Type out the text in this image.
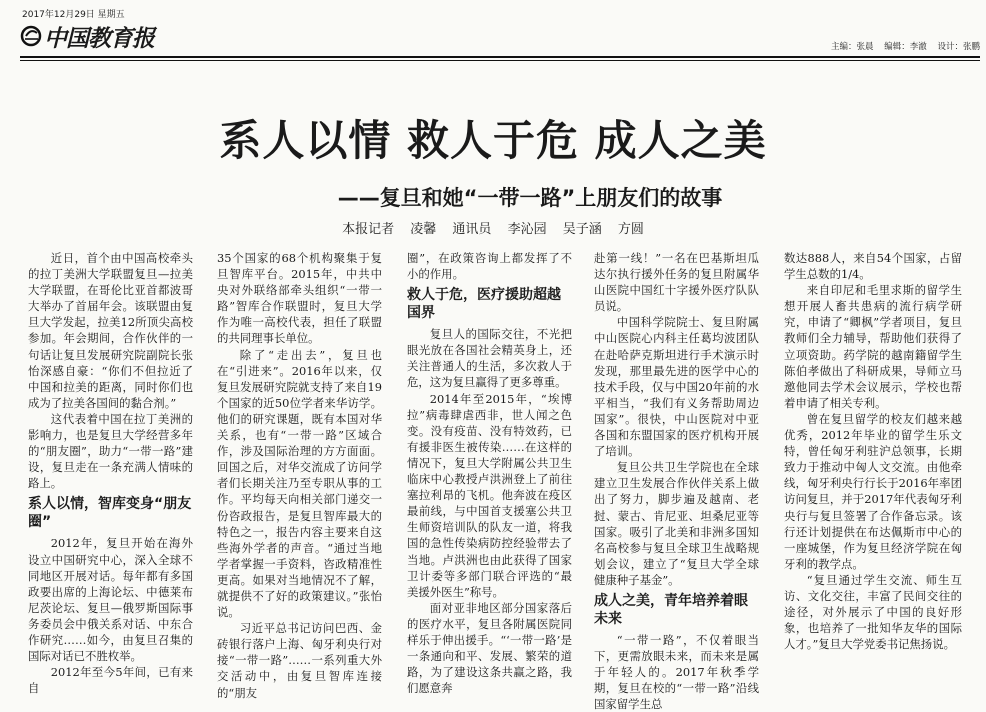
2017年12月29日 星期五
中国教育报	主编：张晨 编辑：李澈 设计：张鹏
系人以情 救人于危 成人之美
——复旦和她“一带一路”上朋友们的故事
本报记者 凌馨 通讯员 李沁园 吴子涵 方圆

近日，首个由中国高校牵头的拉丁美洲大学联盟复旦—拉美大学联盟，在哥伦比亚首都波哥大举办了首届年会。该联盟由复旦大学发起，拉美12所顶尖高校参加。年会期间，合作伙伴的一句话让复旦发展研究院副院长张怡深感自豪：“你们不但拉近了中国和拉美的距离，同时你们也成为了拉美各国间的黏合剂。”

这代表着中国在拉丁美洲的影响力，也是复旦大学经营多年的“朋友圈”，助力“一带一路”建设，复旦走在一条充满人情味的路上。

系人以情，智库变身“朋友圈”

2012年，复旦开始在海外设立中国研究中心，深入全球不同地区开展对话。每年都有多国政要出席的上海论坛、中德莱布尼茨论坛、复旦—俄罗斯国际事务委员会中俄关系对话、中东合作研究……如今，由复旦召集的国际对话已不胜枚举。

2012年至今5年间，已有来自

35个国家的68个机构聚集于复旦智库平台。2015年，中共中央对外联络部牵头组织“一带一路”智库合作联盟时，复旦大学作为唯一高校代表，担任了联盟的共同理事长单位。

除了“走出去”，复旦也在“引进来”。2016年以来，仅复旦发展研究院就支持了来自19个国家的近50位学者来华访学。他们的研究课题，既有本国对华关系，也有“一带一路”区域合作，涉及国际治理的方方面面。回国之后，对华交流成了访问学者们长期关注乃至专职从事的工作。平均每天向相关部门递交一份咨政报告，是复旦智库最大的特色之一，报告内容主要来自这些海外学者的声音。“通过当地学者掌握一手资料，咨政精准性更高。如果对当地情况不了解，就提供不了好的政策建议。”张怡说。

习近平总书记访问巴西、金砖银行落户上海、匈牙利央行对接“一带一路”……一系列重大外交活动中，由复旦智库连接的“朋友

圈”，在政策咨询上都发挥了不小的作用。

救人于危，医疗援助超越国界

复旦人的国际交往，不光把眼光放在各国社会精英身上，还关注普通人的生活，多次救人于危，这为复旦赢得了更多尊重。

2014年至2015年，“埃博拉”病毒肆虐西非，世人闻之色变。没有疫苗、没有特效药，已有援非医生被传染……在这样的情况下，复旦大学附属公共卫生临床中心教授卢洪洲登上了前往塞拉利昂的飞机。他奔波在疫区最前线，与中国首支援塞公共卫生师资培训队的队友一道，将我国的急性传染病防控经验带去了当地。卢洪洲也由此获得了国家卫计委等多部门联合评选的“最美援外医生”称号。

面对亚非地区部分国家落后的医疗水平，复旦各附属医院同样乐于伸出援手。“‘一带一路’是一条通向和平、发展、繁荣的道路，为了建设这条共赢之路，我们愿意奔

赴第一线！”一名在巴基斯坦瓜达尔执行援外任务的复旦附属华山医院中国红十字援外医疗队队员说。

中国科学院院士、复旦附属中山医院心内科主任葛均波团队在赴哈萨克斯坦进行手术演示时发现，那里最先进的医学中心的技术手段，仅与中国20年前的水平相当，“我们有义务帮助周边国家”。很快，中山医院对中亚各国和东盟国家的医疗机构开展了培训。

复旦公共卫生学院也在全球建立卫生发展合作伙伴关系上做出了努力，脚步遍及越南、老挝、蒙古、肯尼亚、坦桑尼亚等国家。吸引了北美和非洲多国知名高校参与复旦全球卫生战略规划会议，建立了“复旦大学全球健康种子基金”。

成人之美，青年培养着眼未来

“一带一路”，不仅着眼当下，更需放眼未来，而未来是属于年轻人的。2017年秋季学期，复旦在校的“一带一路”沿线国家留学生总

数达888人，来自54个国家，占留学生总数的1/4。

来自印尼和毛里求斯的留学生想开展人畜共患病的流行病学研究，申请了“卿枫”学者项目，复旦教师们全力辅导，帮助他们获得了立项资助。药学院的越南籍留学生陈伯孝做出了科研成果，导师立马邀他同去学术会议展示，学校也帮着申请了相关专利。

曾在复旦留学的校友们越来越优秀，2012年毕业的留学生乐文特，曾任匈牙利驻沪总领事，长期致力于推动中匈人文交流。由他牵线，匈牙利央行行长于2016年率团访问复旦，并于2017年代表匈牙利央行与复旦签署了合作备忘录。该行还计划提供在布达佩斯市中心的一座城堡，作为复旦经济学院在匈牙利的教学点。

“复旦通过学生交流、师生互访、文化交往，丰富了民间交往的途径，对外展示了中国的良好形象，也培养了一批知华友华的国际人才。”复旦大学党委书记焦扬说。
